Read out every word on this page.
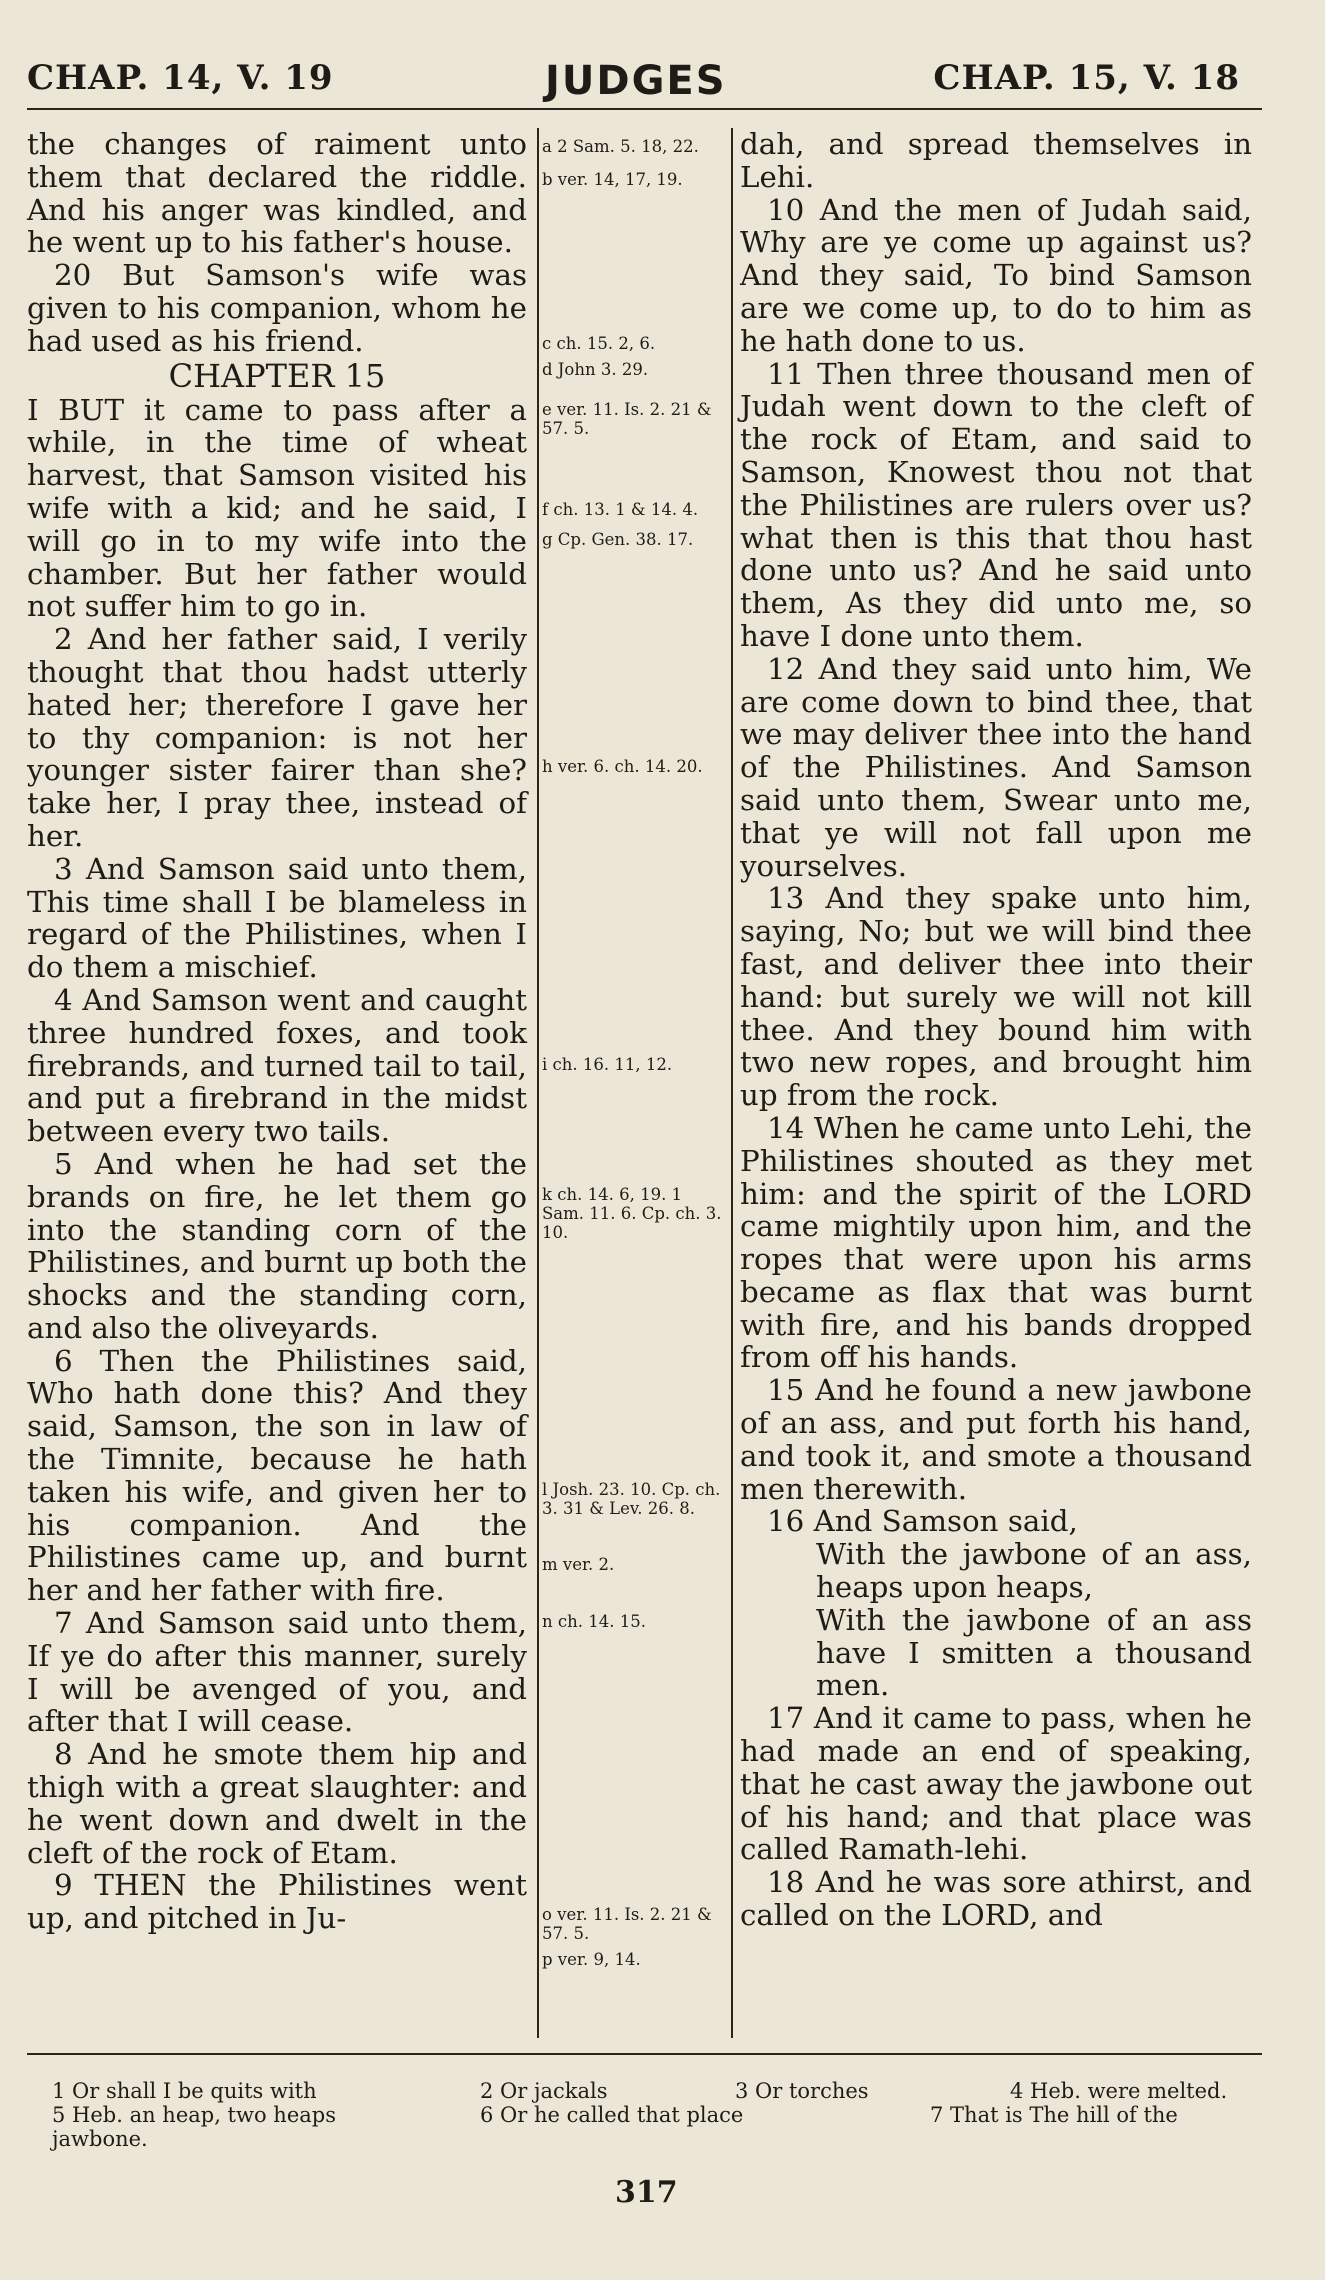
CHAP. 14, V. 19	JUDGES	CHAP. 15, V. 18

the changes of raiment unto them that declared the riddle. And his anger was kindled, and he went up to his father's house.

20 But Samson's wife was given to his companion, whom he had used as his friend.

CHAPTER 15

I BUT it came to pass after a while, in the time of wheat harvest, that Samson visited his wife with a kid; and he said, I will go in to my wife into the chamber. But her father would not suffer him to go in.

2 And her father said, I verily thought that thou hadst utterly hated her; therefore I gave her to thy companion: is not her younger sister fairer than she? take her, I pray thee, instead of her.

3 And Samson said unto them, This time shall I be blameless in regard of the Philistines, when I do them a mischief.

4 And Samson went and caught three hundred foxes, and took firebrands, and turned tail to tail, and put a firebrand in the midst between every two tails.

5 And when he had set the brands on fire, he let them go into the standing corn of the Philistines, and burnt up both the shocks and the standing corn, and also the oliveyards.

6 Then the Philistines said, Who hath done this? And they said, Samson, the son in law of the Timnite, because he hath taken his wife, and given her to his companion. And the Philistines came up, and burnt her and her father with fire.

7 And Samson said unto them, If ye do after this manner, surely I will be avenged of you, and after that I will cease.

8 And he smote them hip and thigh with a great slaughter: and he went down and dwelt in the cleft of the rock of Etam.

9 THEN the Philistines went up, and pitched in Ju-

a 2 Sam. 5. 18, 22.
b ver. 14, 17, 19.
c ch. 15. 2, 6.
d John 3. 29.
e ver. 11. Is. 2. 21 & 57. 5.
f ch. 13. 1 & 14. 4.
g Cp. Gen. 38. 17.
h ver. 6. ch. 14. 20.
i ch. 16. 11, 12.
k ch. 14. 6, 19. 1 Sam. 11. 6. Cp. ch. 3. 10.
l Josh. 23. 10. Cp. ch. 3. 31 & Lev. 26. 8.
m ver. 2.
n ch. 14. 15.
o ver. 11. Is. 2. 21 & 57. 5.
p ver. 9, 14.

dah, and spread themselves in Lehi.

10 And the men of Judah said, Why are ye come up against us? And they said, To bind Samson are we come up, to do to him as he hath done to us.

11 Then three thousand men of Judah went down to the cleft of the rock of Etam, and said to Samson, Knowest thou not that the Philistines are rulers over us? what then is this that thou hast done unto us? And he said unto them, As they did unto me, so have I done unto them.

12 And they said unto him, We are come down to bind thee, that we may deliver thee into the hand of the Philistines. And Samson said unto them, Swear unto me, that ye will not fall upon me yourselves.

13 And they spake unto him, saying, No; but we will bind thee fast, and deliver thee into their hand: but surely we will not kill thee. And they bound him with two new ropes, and brought him up from the rock.

14 When he came unto Lehi, the Philistines shouted as they met him: and the spirit of the LORD came mightily upon him, and the ropes that were upon his arms became as flax that was burnt with fire, and his bands dropped from off his hands.

15 And he found a new jawbone of an ass, and put forth his hand, and took it, and smote a thousand men therewith.

16 And Samson said,

With the jawbone of an ass, heaps upon heaps,

With the jawbone of an ass have I smitten a thousand men.

17 And it came to pass, when he had made an end of speaking, that he cast away the jawbone out of his hand; and that place was called Ramath-lehi.

18 And he was sore athirst, and called on the LORD, and

1 Or shall I be quits with	2 Or jackals	3 Or torches	4 Heb. were melted.
5 Heb. an heap, two heaps
jawbone.
6 Or he called that place	7 That is The hill of the
317
